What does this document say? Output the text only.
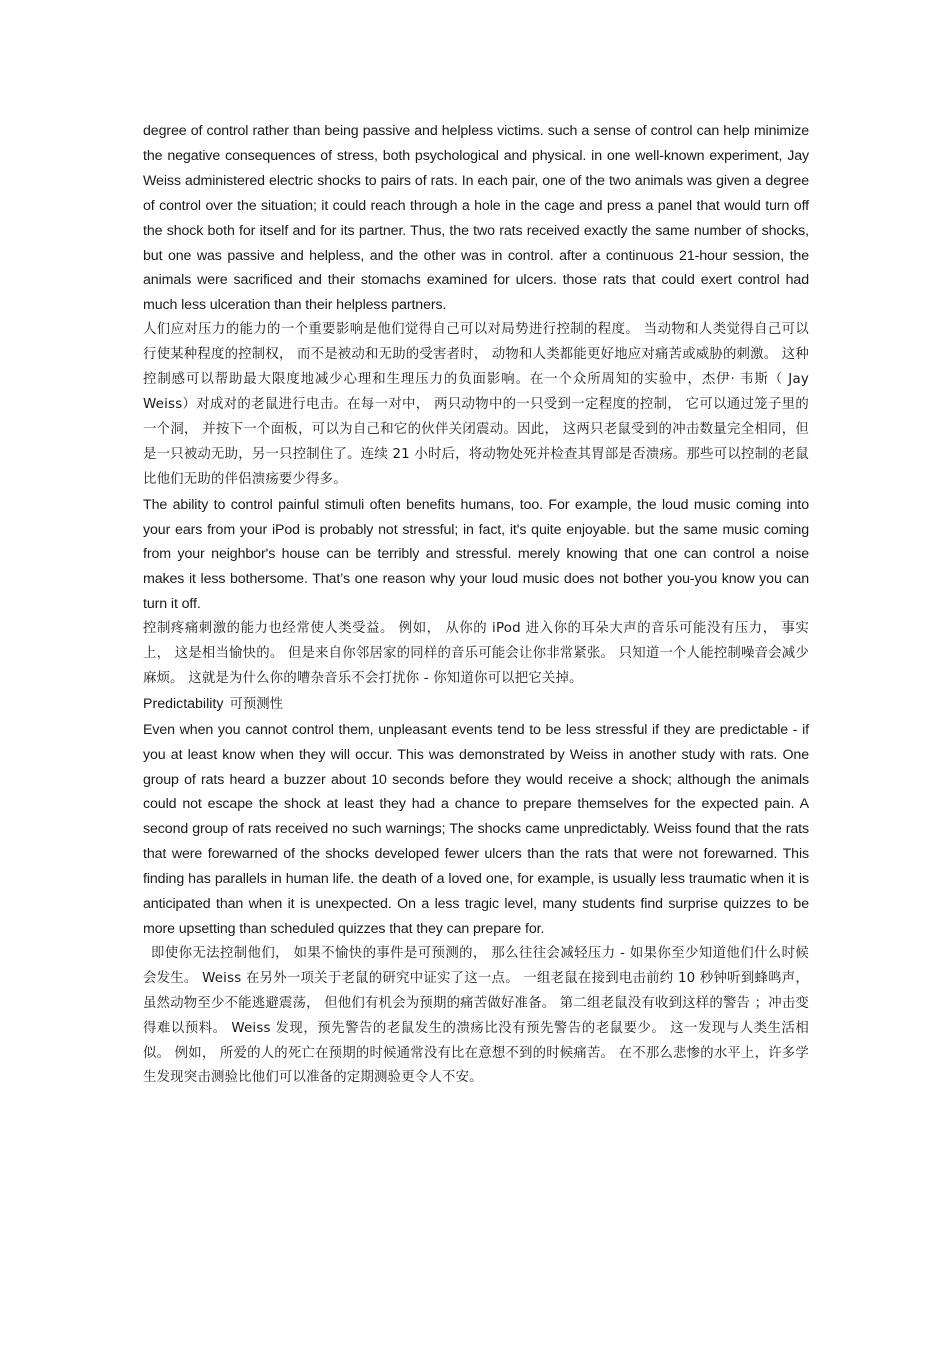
degree of control rather than being passive and helpless victims. such a sense of control can help minimize the negative consequences of stress, both psychological and physical. in one well-known experiment, Jay Weiss administered electric shocks to pairs of rats. In each pair, one of the two animals was given a degree of control over the situation; it could reach through a hole in the cage and press a panel that would turn off the shock both for itself and for its partner. Thus, the two rats received exactly the same number of shocks, but one was passive and helpless, and the other was in control. after a continuous 21-hour session, the animals were sacrificed and their stomachs examined for ulcers. those rats that could exert control had much less ulceration than their helpless partners.

人们应对压力的能力的一个重要影响是他们觉得自己可以对局势进行控制的程度。 当动物和人类觉得自己可以行使某种程度的控制权， 而不是被动和无助的受害者时， 动物和人类都能更好地应对痛苦或威胁的刺激。 这种控制感可以帮助最大限度地减少心理和生理压力的负面影响。在一个众所周知的实验中，杰伊· 韦斯（ Jay Weiss）对成对的老鼠进行电击。在每一对中， 两只动物中的一只受到一定程度的控制， 它可以通过笼子里的一个洞， 并按下一个面板，可以为自己和它的伙伴关闭震动。因此， 这两只老鼠受到的冲击数量完全相同，但是一只被动无助，另一只控制住了。连续 21 小时后，将动物处死并检查其胃部是否溃疡。那些可以控制的老鼠比他们无助的伴侣溃疡要少得多。

The ability to control painful stimuli often benefits humans, too. For example, the loud music coming into your ears from your iPod is probably not stressful; in fact, it's quite enjoyable. but the same music coming from your neighbor's house can be terribly and stressful. merely knowing that one can control a noise makes it less bothersome. That’s one reason why your loud music does not bother you-you know you can turn it off.

控制疼痛刺激的能力也经常使人类受益。 例如， 从你的 iPod 进入你的耳朵大声的音乐可能没有压力， 事实上， 这是相当愉快的。 但是来自你邻居家的同样的音乐可能会让你非常紧张。 只知道一个人能控制噪音会减少麻烦。 这就是为什么你的嘈杂音乐不会打扰你 - 你知道你可以把它关掉。

Predictability 可预测性

Even when you cannot control them, unpleasant events tend to be less stressful if they are predictable - if you at least know when they will occur. This was demonstrated by Weiss in another study with rats. One group of rats heard a buzzer about 10 seconds before they would receive a shock; although the animals could not escape the shock at least they had a chance to prepare themselves for the expected pain. A second group of rats received no such warnings; The shocks came unpredictably. Weiss found that the rats that were forewarned of the shocks developed fewer ulcers than the rats that were not forewarned. This finding has parallels in human life. the death of a loved one, for example, is usually less traumatic when it is anticipated than when it is unexpected. On a less tragic level, many students find surprise quizzes to be more upsetting than scheduled quizzes that they can prepare for.

即使你无法控制他们， 如果不愉快的事件是可预测的， 那么往往会减轻压力 - 如果你至少知道他们什么时候会发生。 Weiss 在另外一项关于老鼠的研究中证实了这一点。 一组老鼠在接到电击前约 10 秒钟听到蜂鸣声， 虽然动物至少不能逃避震荡， 但他们有机会为预期的痛苦做好准备。 第二组老鼠没有收到这样的警告 ；冲击变得难以预料。 Weiss 发现，预先警告的老鼠发生的溃疡比没有预先警告的老鼠要少。 这一发现与人类生活相似。 例如， 所爱的人的死亡在预期的时候通常没有比在意想不到的时候痛苦。 在不那么悲惨的水平上，许多学生发现突击测验比他们可以准备的定期测验更令人不安。
